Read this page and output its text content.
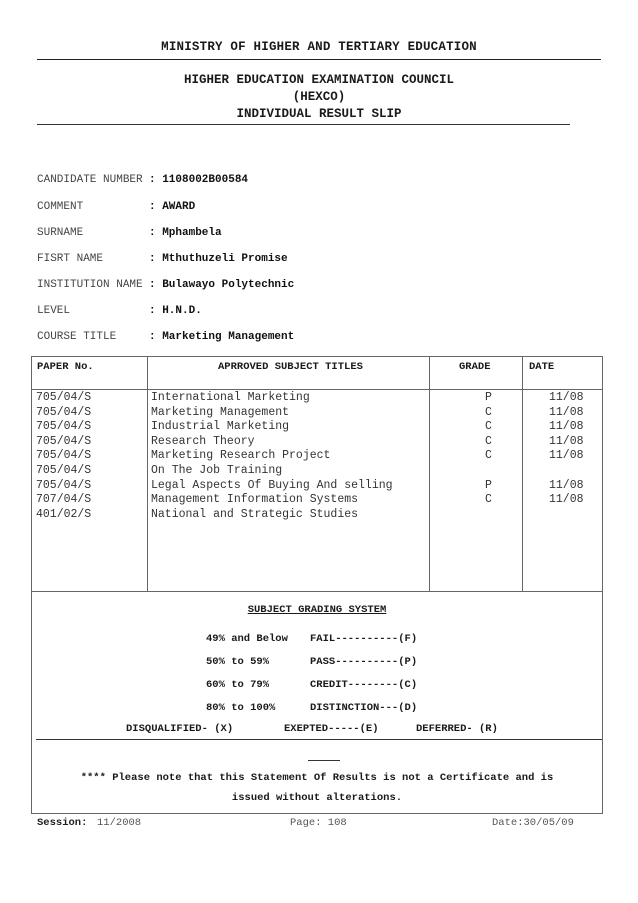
MINISTRY OF HIGHER AND TERTIARY EDUCATION
HIGHER EDUCATION EXAMINATION COUNCIL
(HEXCO)
INDIVIDUAL RESULT SLIP
CANDIDATE NUMBER : 1108002B00584
COMMENT	: AWARD
SURNAME	: Mphambela
FISRT NAME	: Mthuthuzeli Promise
INSTITUTION NAME : Bulawayo Polytechnic
LEVEL	: H.N.D.
COURSE TITLE	: Marketing Management
PAPER No.	APRROVED SUBJECT TITLES	GRADE	DATE
705/04/S	International Marketing	P	11/08
705/04/S	Marketing Management	C	11/08
705/04/S	Industrial Marketing	C	11/08
705/04/S	Research Theory	C	11/08
705/04/S	Marketing Research Project	C	11/08
705/04/S	On The Job Training
705/04/S	Legal Aspects Of Buying And selling	P	11/08
707/04/S	Management Information Systems	C	11/08
401/02/S	National and Strategic Studies
SUBJECT GRADING SYSTEM
49% and Below FAIL----------(F)
50% to 59%	PASS----------(P)
60% to 79%	CREDIT--------(C)
80% to 100%	DISTINCTION---(D)
DISQUALIFIED- (X)	EXEPTED-----(E)	DEFERRED- (R)
**** Please note that this Statement Of Results is not a Certificate and is
issued without alterations.
Session: 11/2008	Page: 108	Date:30/05/09
